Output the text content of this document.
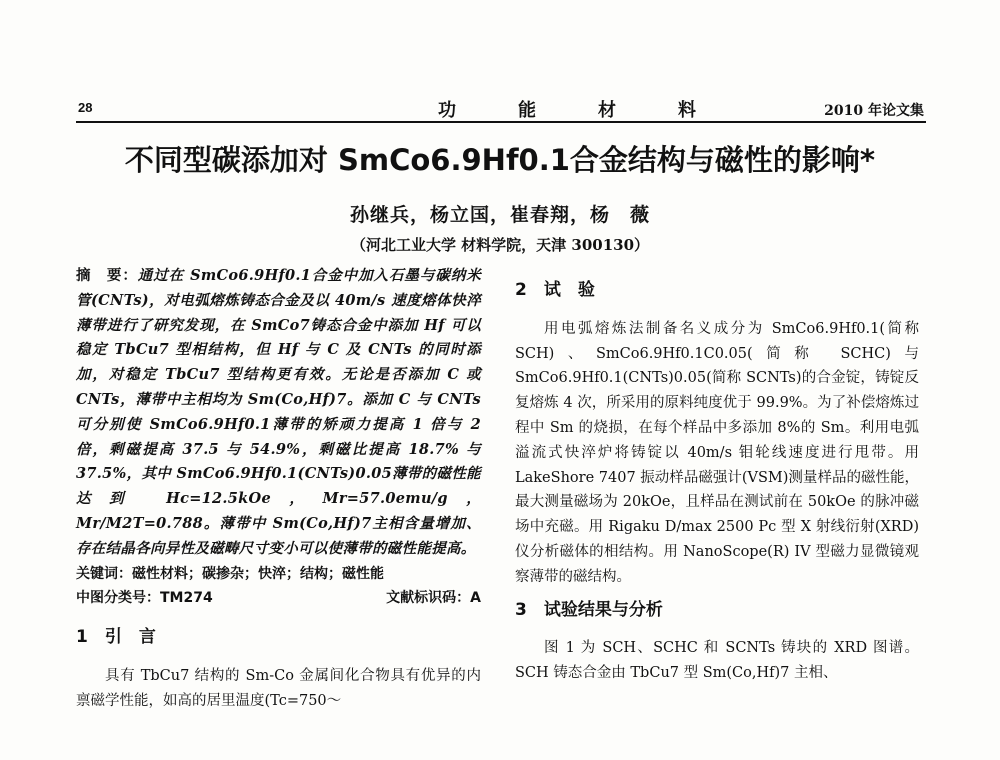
28	功能材料	2010 年论文集
不同型碳添加对 SmCo6.9Hf0.1合金结构与磁性的影响*
孙继兵，杨立国，崔春翔，杨　薇
（河北工业大学 材料学院，天津 300130）
摘　要：通过在 SmCo6.9Hf0.1合金中加入石墨与碳纳米管(CNTs)，对电弧熔炼铸态合金及以 40m/s 速度熔体快淬薄带进行了研究发现，在 SmCo7铸态合金中添加 Hf 可以稳定 TbCu7 型相结构，但 Hf 与 C 及 CNTs 的同时添加，对稳定 TbCu7 型结构更有效。无论是否添加 C 或 CNTs，薄带中主相均为 Sm(Co,Hf)7。添加 C 与 CNTs 可分别使 SmCo6.9Hf0.1薄带的矫顽力提高 1 倍与 2 倍，剩磁提高 37.5 与 54.9%，剩磁比提高 18.7% 与 37.5%，其中 SmCo6.9Hf0.1(CNTs)0.05薄带的磁性能达到 Hc=12.5kOe，Mr=57.0emu/g，Mr/M2T=0.788。薄带中 Sm(Co,Hf)7主相含量增加、存在结晶各向异性及磁畴尺寸变小可以使薄带的磁性能提高。
关键词：磁性材料；碳掺杂；快淬；结构；磁性能
中图分类号：TM274	文献标识码：A

1　引　言

具有 TbCu7 结构的 Sm-Co 金属间化合物具有优异的内禀磁学性能，如高的居里温度(Tc=750～

2　试　验

用电弧熔炼法制备名义成分为 SmCo6.9Hf0.1(简称 SCH)、SmCo6.9Hf0.1C0.05(简称 SCHC)与 SmCo6.9Hf0.1(CNTs)0.05(简称 SCNTs)的合金锭，铸锭反复熔炼 4 次，所采用的原料纯度优于 99.9%。为了补偿熔炼过程中 Sm 的烧损，在每个样品中多添加 8%的 Sm。利用电弧溢流式快淬炉将铸锭以 40m/s 钼轮线速度进行甩带。用 LakeShore 7407 振动样品磁强计(VSM)测量样品的磁性能，最大测量磁场为 20kOe，且样品在测试前在 50kOe 的脉冲磁场中充磁。用 Rigaku D/max 2500 Pc 型 X 射线衍射(XRD)仪分析磁体的相结构。用 NanoScope(R) IV 型磁力显微镜观察薄带的磁结构。

3　试验结果与分析

图 1 为 SCH、SCHC 和 SCNTs 铸块的 XRD 图谱。SCH 铸态合金由 TbCu7 型 Sm(Co,Hf)7 主相、
